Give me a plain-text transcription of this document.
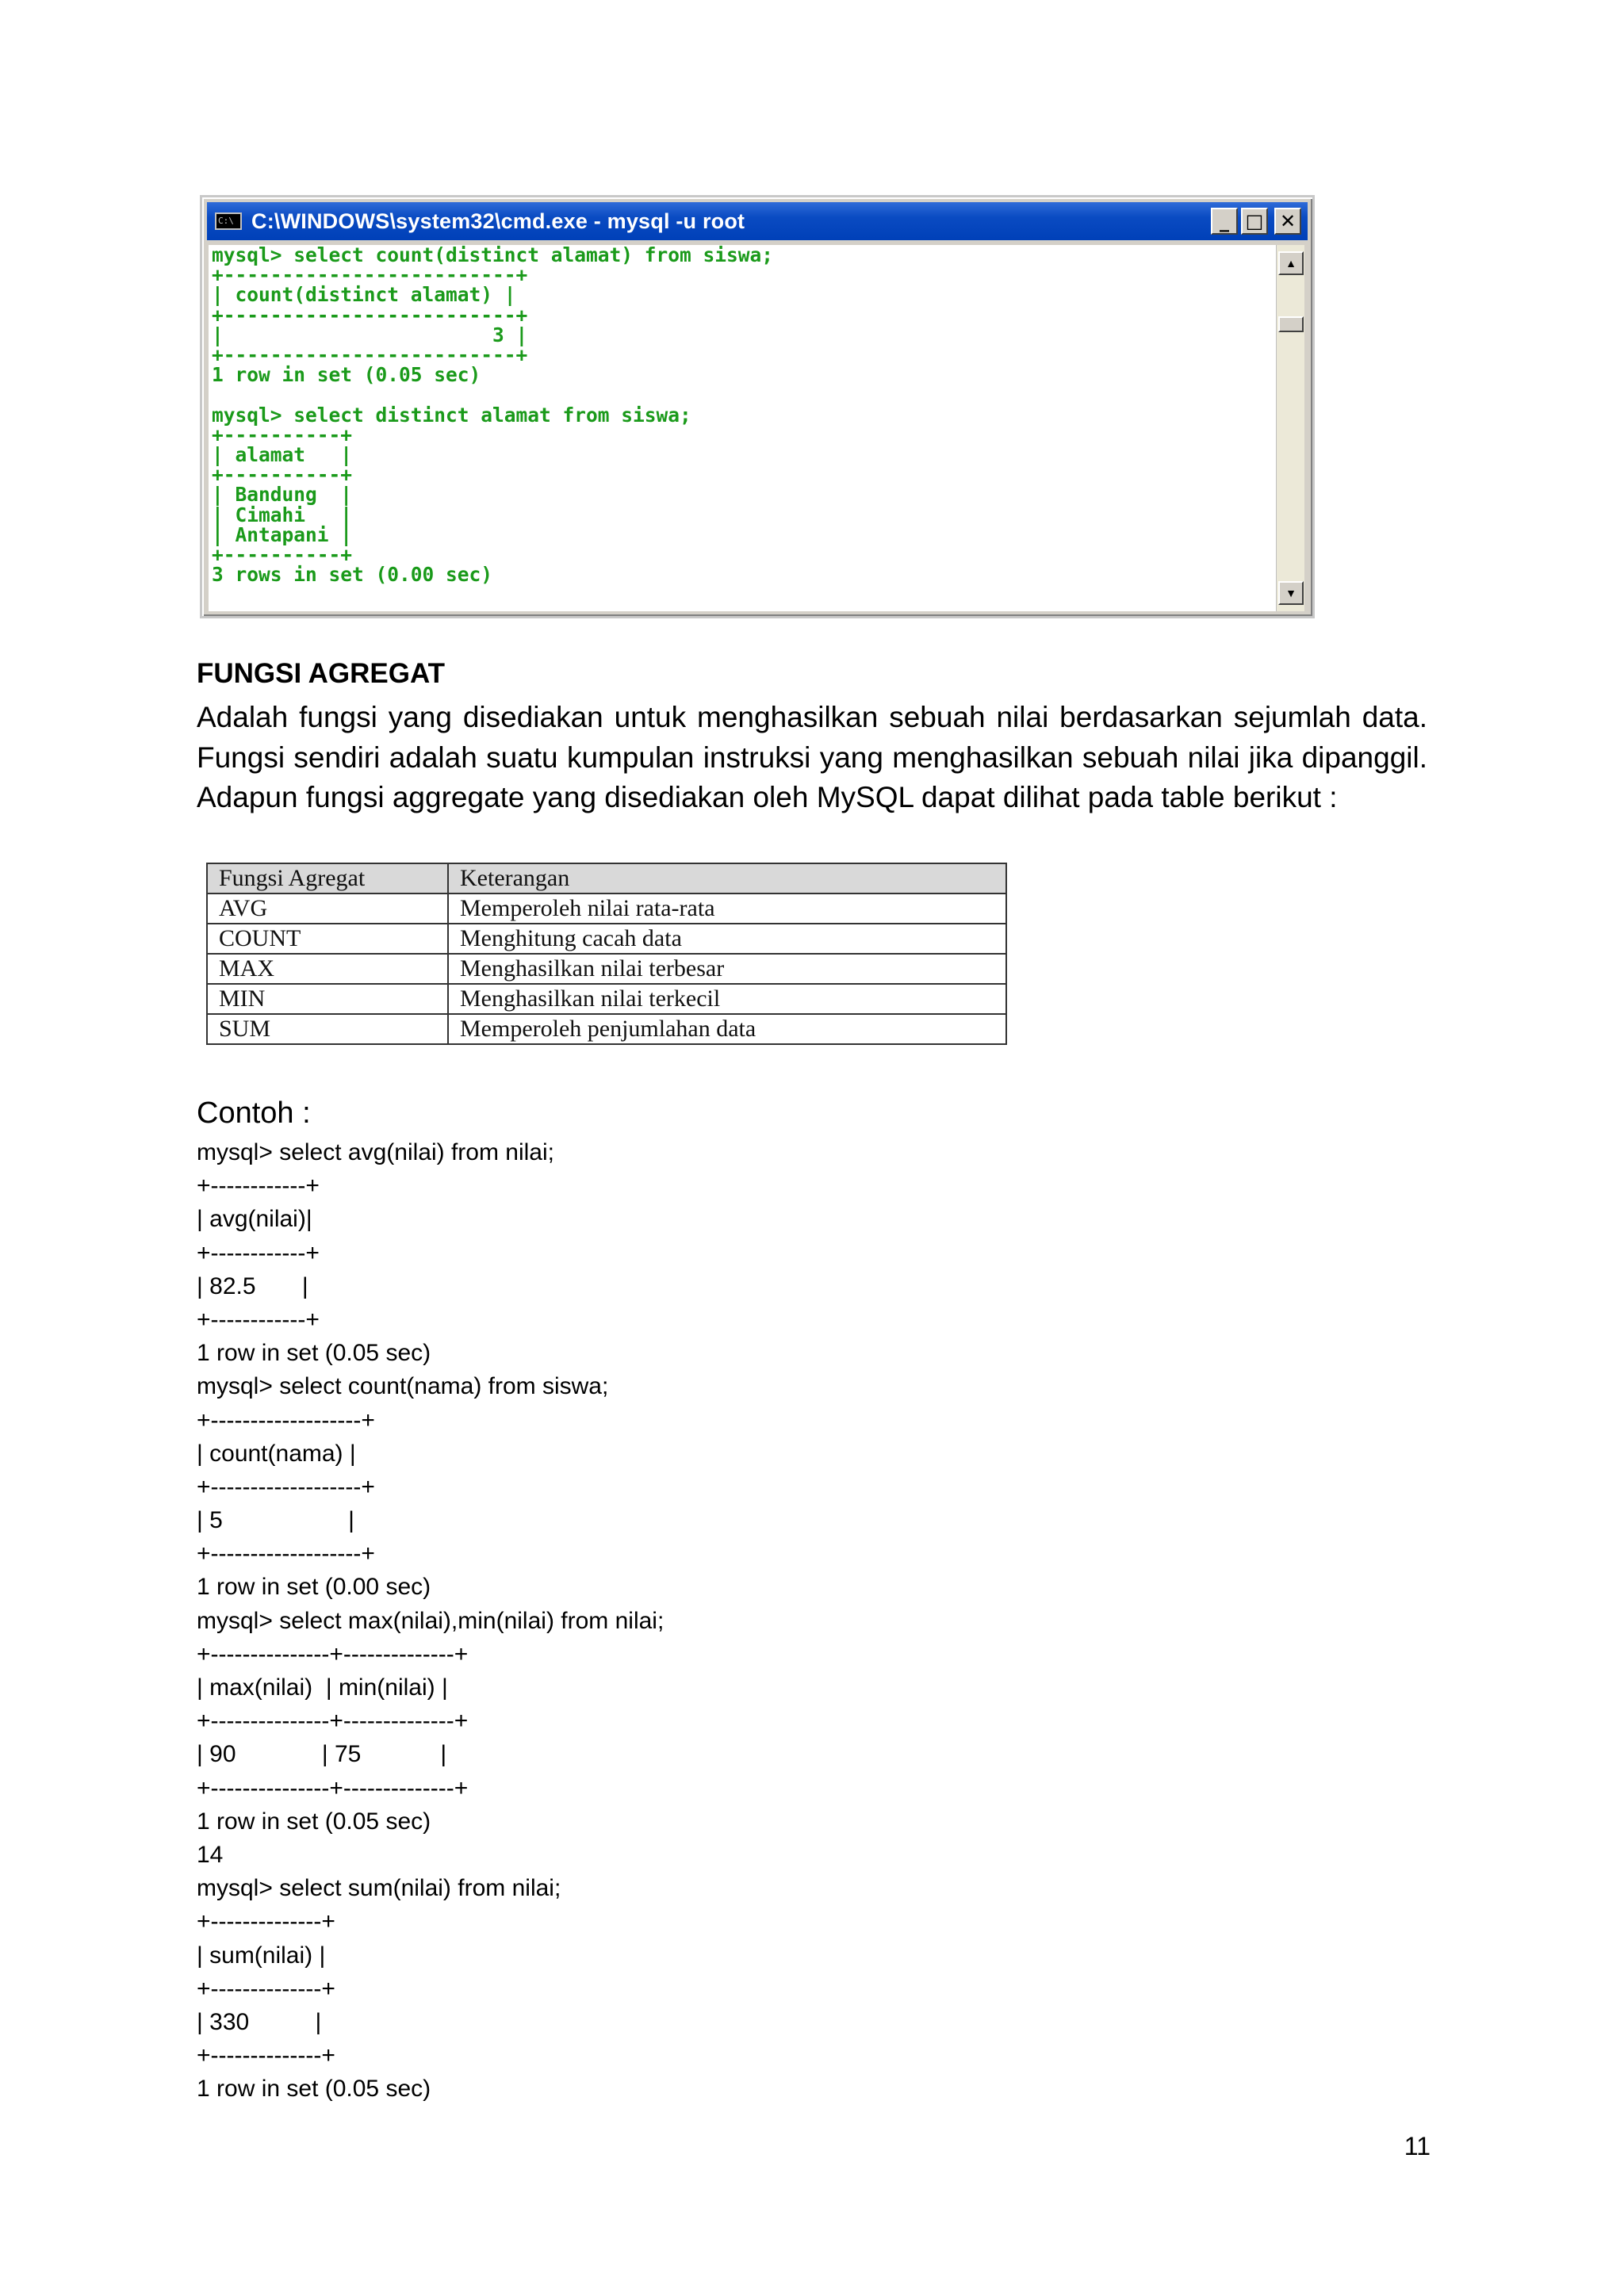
C:\ C:\WINDOWS\system32\cmd.exe - mysql -u root	_ □ ✕
mysql> select count(distinct alamat) from siswa;
+-------------------------+
| count(distinct alamat) |
+-------------------------+
|                       3 |
+-------------------------+
1 row in set (0.05 sec)

mysql> select distinct alamat from siswa;
+----------+
| alamat   |
+----------+
| Bandung  |
| Cimahi   |
| Antapani |
+----------+
3 rows in set (0.00 sec)
▲
▼
FUNGSI AGREGAT

Adalah fungsi yang disediakan untuk menghasilkan sebuah nilai berdasarkan sejumlah data. Fungsi sendiri adalah suatu kumpulan instruksi yang menghasilkan sebuah nilai jika dipanggil. Adapun fungsi aggregate yang disediakan oleh MySQL dapat dilihat pada table berikut :

Fungsi Agregat	Keterangan
AVG	Memperoleh nilai rata-rata
COUNT	Menghitung cacah data
MAX	Menghasilkan nilai terbesar
MIN	Menghasilkan nilai terkecil
SUM	Memperoleh penjumlahan data
Contoh :
mysql> select avg(nilai) from nilai;
+------------+
| avg(nilai)|
+------------+
| 82.5       |
+------------+
1 row in set (0.05 sec)
mysql> select count(nama) from siswa;
+-------------------+
| count(nama) |
+-------------------+
| 5                   |
+-------------------+
1 row in set (0.00 sec)
mysql> select max(nilai),min(nilai) from nilai;
+---------------+--------------+
| max(nilai)  | min(nilai) |
+---------------+--------------+
| 90             | 75            |
+---------------+--------------+
1 row in set (0.05 sec)
14
mysql> select sum(nilai) from nilai;
+--------------+
| sum(nilai) |
+--------------+
| 330          |
+--------------+
1 row in set (0.05 sec)
11
